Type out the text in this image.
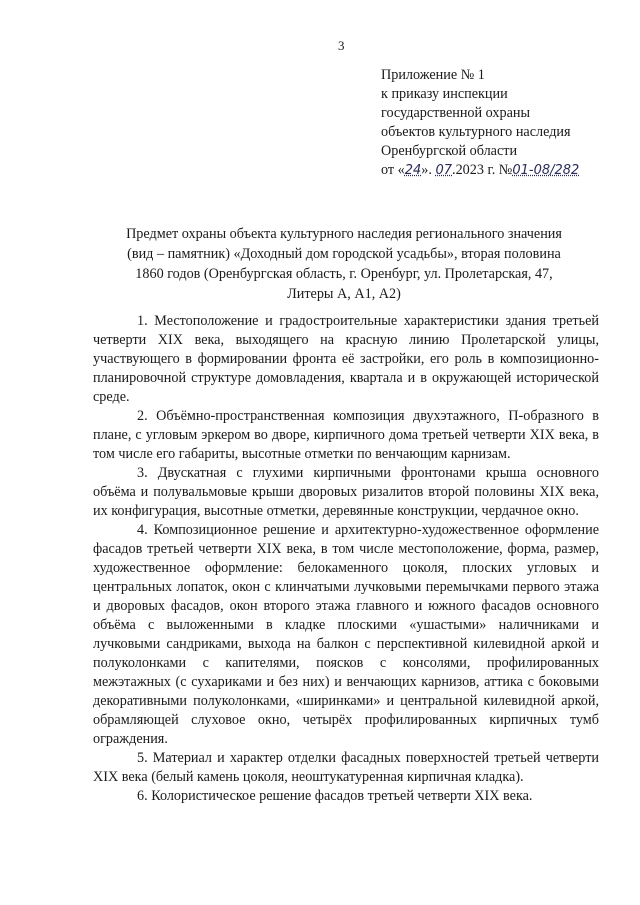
3
Приложение № 1
к приказу инспекции
государственной охраны
объектов культурного наследия
Оренбургской области
от «24». 07.2023 г. №01-08/282
Предмет охраны объекта культурного наследия регионального значения
(вид – памятник) «Доходный дом городской усадьбы», вторая половина
1860 годов (Оренбургская область, г. Оренбург, ул. Пролетарская, 47,
Литеры А, А1, А2)

1. Местоположение и градостроительные характеристики здания третьей четверти XIX века, выходящего на красную линию Пролетарской улицы, участвующего в формировании фронта её застройки, его роль в композиционно-планировочной структуре домовладения, квартала и в окружающей исторической среде.

2. Объёмно-пространственная композиция двухэтажного, П-образного в плане, с угловым эркером во дворе, кирпичного дома третьей четверти XIX века, в том числе его габариты, высотные отметки по венчающим карнизам.

3. Двускатная с глухими кирпичными фронтонами крыша основного объёма и полувальмовые крыши дворовых ризалитов второй половины XIX века, их конфигурация, высотные отметки, деревянные конструкции, чердачное окно.

4. Композиционное решение и архитектурно-художественное оформление фасадов третьей четверти XIX века, в том числе местоположение, форма, размер, художественное оформление: белокаменного цоколя, плоских угловых и центральных лопаток, окон с клинчатыми лучковыми перемычками первого этажа и дворовых фасадов, окон второго этажа главного и южного фасадов основного объёма с выложенными в кладке плоскими «ушастыми» наличниками и лучковыми сандриками, выхода на балкон с перспективной килевидной аркой и полуколонками с капителями, поясков с консолями, профилированных межэтажных (с сухариками и без них) и венчающих карнизов, аттика с боковыми декоративными полуколонками, «ширинками» и центральной килевидной аркой, обрамляющей слуховое окно, четырёх профилированных кирпичных тумб ограждения.

5. Материал и характер отделки фасадных поверхностей третьей четверти XIX века (белый камень цоколя, неоштукатуренная кирпичная кладка).

6. Колористическое решение фасадов третьей четверти XIX века.
